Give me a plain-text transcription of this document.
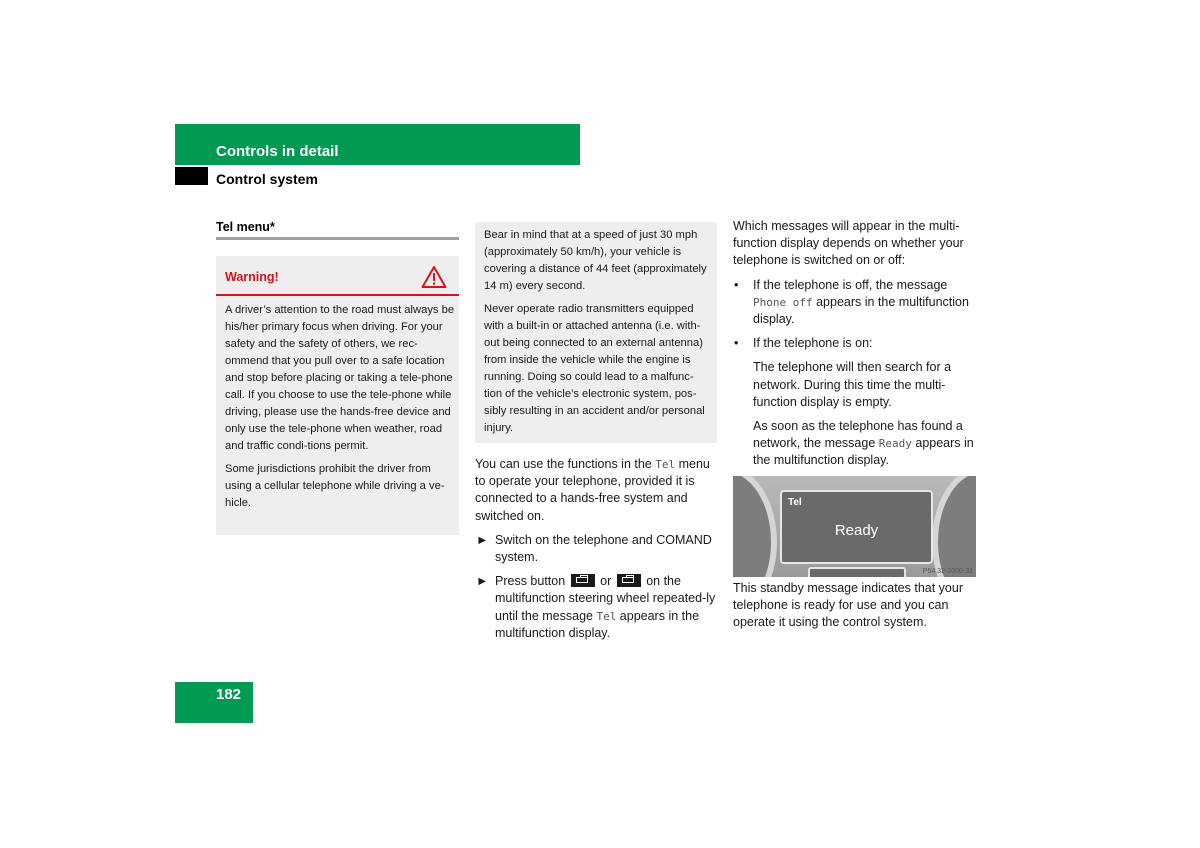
Controls in detail
Control system
Tel menu*
Warning!

A driver’s attention to the road must always be his/her primary focus when driving. For your safety and the safety of others, we rec-ommend that you pull over to a safe location and stop before placing or taking a tele-phone call. If you choose to use the tele-phone while driving, please use the hands-free device and only use the tele-phone when weather, road and traffic condi-tions permit.

Some jurisdictions prohibit the driver from using a cellular telephone while driving a ve-hicle.

Bear in mind that at a speed of just 30 mph (approximately 50 km/h), your vehicle is covering a distance of 44 feet (approximately 14 m) every second.

Never operate radio transmitters equipped with a built-in or attached antenna (i.e. with-out being connected to an external antenna) from inside the vehicle while the engine is running. Doing so could lead to a malfunc-tion of the vehicle’s electronic system, pos-sibly resulting in an accident and/or personal injury.

You can use the functions in the Tel menu to operate your telephone, provided it is connected to a hands-free system and switched on.

► Switch on the telephone and COMAND system.
► Press button  or  on the multifunction steering wheel repeated-ly until the message Tel appears in the multifunction display.

Which messages will appear in the multi-function display depends on whether your telephone is switched on or off:

• If the telephone is off, the message Phone off appears in the multifunction display.
• If the telephone is on:
The telephone will then search for a network. During this time the multi-function display is empty.
As soon as the telephone has found a network, the message Ready appears in the multifunction display.
Tel
Ready
P54.32-3000-31
This standby message indicates that your telephone is ready for use and you can operate it using the control system.
182
